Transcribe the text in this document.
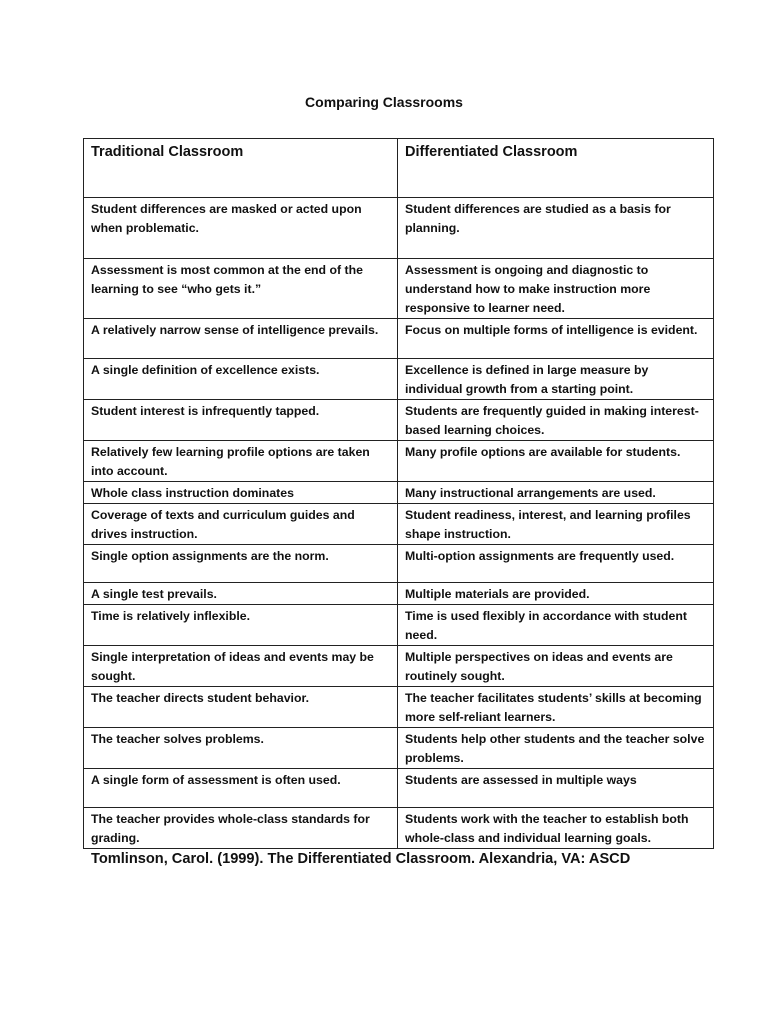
Comparing Classrooms
Traditional Classroom	Differentiated Classroom
Student differences are masked or acted upon when problematic.	Student differences are studied as a basis for planning.
Assessment is most common at the end of the learning to see “who gets it.”	Assessment is ongoing and diagnostic to understand how to make instruction more responsive to learner need.
A relatively narrow sense of intelligence prevails.	Focus on multiple forms of intelligence is evident.
A single definition of excellence exists.	Excellence is defined in large measure by individual growth from a starting point.
Student interest is infrequently tapped.	Students are frequently guided in making interest-based learning choices.
Relatively few learning profile options are taken into account.	Many profile options are available for students.
Whole class instruction dominates	Many instructional arrangements are used.
Coverage of texts and curriculum guides and drives instruction.	Student readiness, interest, and learning profiles shape instruction.
Single option assignments are the norm.	Multi-option assignments are frequently used.
A single test prevails.	Multiple materials are provided.
Time is relatively inflexible.	Time is used flexibly in accordance with student need.
Single interpretation of ideas and events may be sought.	Multiple perspectives on ideas and events are routinely sought.
The teacher directs student behavior.	The teacher facilitates students’ skills at becoming more self-reliant learners.
The teacher solves problems.	Students help other students and the teacher solve problems.
A single form of assessment is often used.	Students are assessed in multiple ways
The teacher provides whole-class standards for grading.	Students work with the teacher to establish both whole-class and individual learning goals.
Tomlinson, Carol. (1999). The Differentiated Classroom. Alexandria, VA: ASCD
